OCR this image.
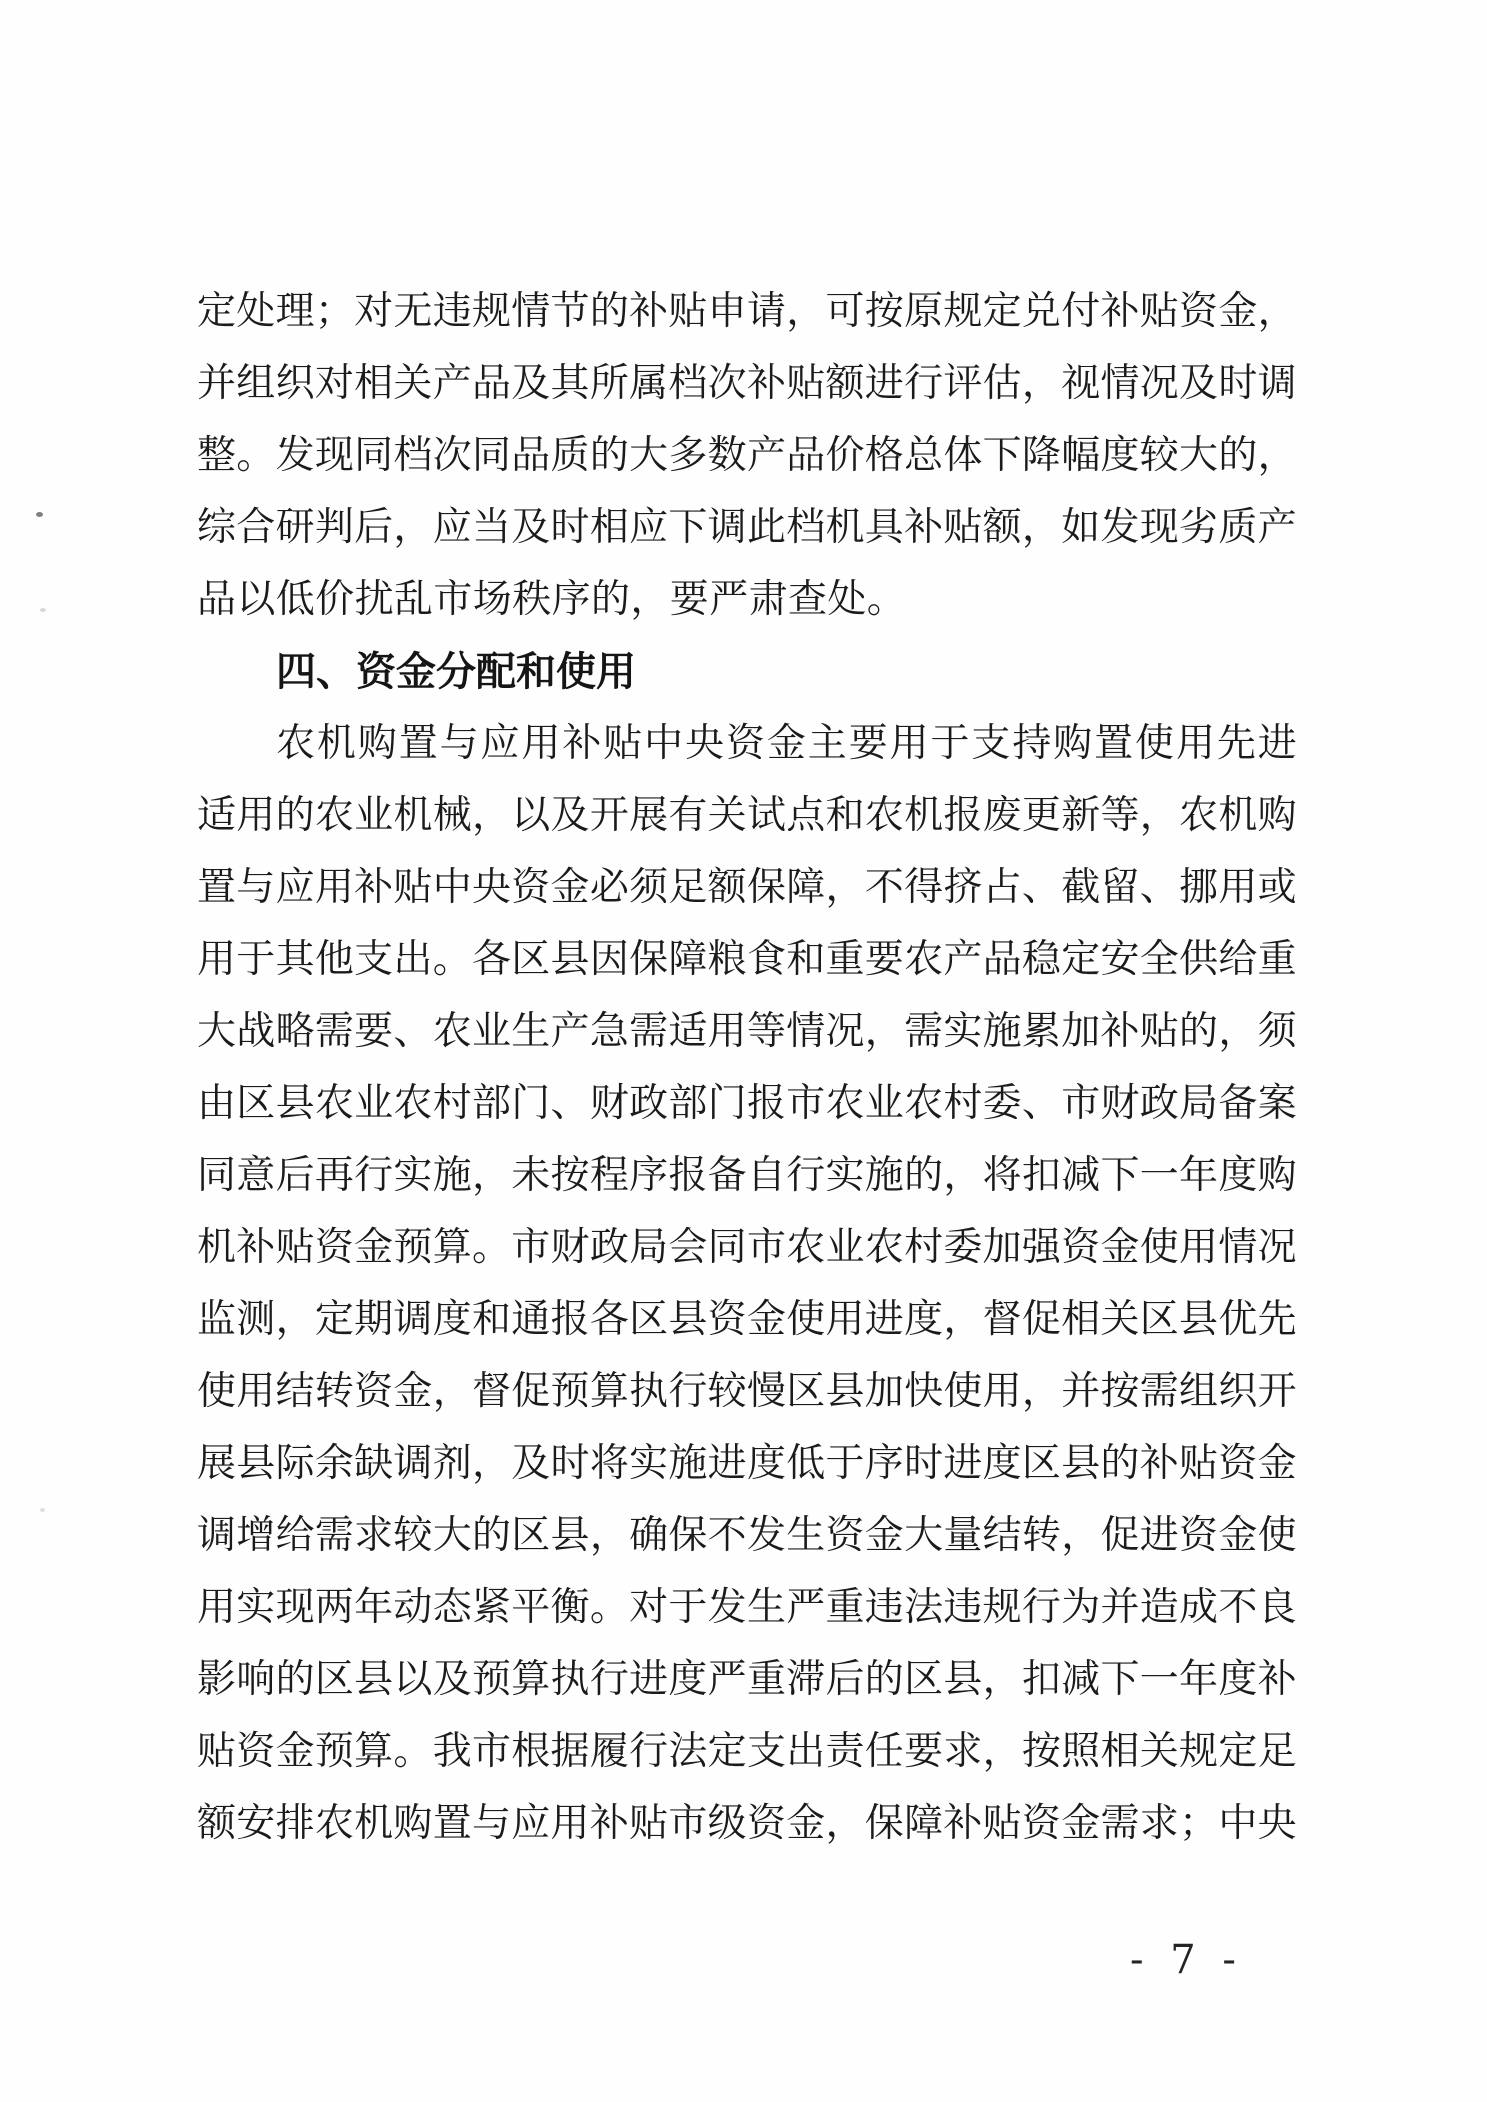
定 处 理 ； 对 无 违 规 情 节 的 补 贴 申 请 ， 可 按 原 规 定 兑 付 补 贴 资 金 ，
并 组 织 对 相 关 产 品 及 其 所 属 档 次 补 贴 额 进 行 评 估 ， 视 情 况 及 时 调
整 。 发 现 同 档 次 同 品 质 的 大 多 数 产 品 价 格 总 体 下 降 幅 度 较 大 的 ，
综 合 研 判 后 ， 应 当 及 时 相 应 下 调 此 档 机 具 补 贴 额 ， 如 发 现 劣 质 产
品以低价扰乱市场秩序的，要严肃查处。
四、资金分配和使用
农 机 购 置 与 应 用 补 贴 中 央 资 金 主 要 用 于 支 持 购 置 使 用 先 进
适 用 的 农 业 机 械 ， 以 及 开 展 有 关 试 点 和 农 机 报 废 更 新 等 ， 农 机 购
置 与 应 用 补 贴 中 央 资 金 必 须 足 额 保 障 ， 不 得 挤 占 、 截 留 、 挪 用 或
用 于 其 他 支 出 。 各 区 县 因 保 障 粮 食 和 重 要 农 产 品 稳 定 安 全 供 给 重
大 战 略 需 要 、 农 业 生 产 急 需 适 用 等 情 况 ， 需 实 施 累 加 补 贴 的 ， 须
由 区 县 农 业 农 村 部 门 、 财 政 部 门 报 市 农 业 农 村 委 、 市 财 政 局 备 案
同 意 后 再 行 实 施 ， 未 按 程 序 报 备 自 行 实 施 的 ， 将 扣 减 下 一 年 度 购
机 补 贴 资 金 预 算 。 市 财 政 局 会 同 市 农 业 农 村 委 加 强 资 金 使 用 情 况
监 测 ， 定 期 调 度 和 通 报 各 区 县 资 金 使 用 进 度 ， 督 促 相 关 区 县 优 先
使 用 结 转 资 金 ， 督 促 预 算 执 行 较 慢 区 县 加 快 使 用 ， 并 按 需 组 织 开
展 县 际 余 缺 调 剂 ， 及 时 将 实 施 进 度 低 于 序 时 进 度 区 县 的 补 贴 资 金
调 增 给 需 求 较 大 的 区 县 ， 确 保 不 发 生 资 金 大 量 结 转 ， 促 进 资 金 使
用 实 现 两 年 动 态 紧 平 衡 。 对 于 发 生 严 重 违 法 违 规 行 为 并 造 成 不 良
影 响 的 区 县 以 及 预 算 执 行 进 度 严 重 滞 后 的 区 县 ， 扣 减 下 一 年 度 补
贴 资 金 预 算 。 我 市 根 据 履 行 法 定 支 出 责 任 要 求 ， 按 照 相 关 规 定 足
额 安 排 农 机 购 置 与 应 用 补 贴 市 级 资 金 ， 保 障 补 贴 资 金 需 求 ； 中 央
- 7 -
